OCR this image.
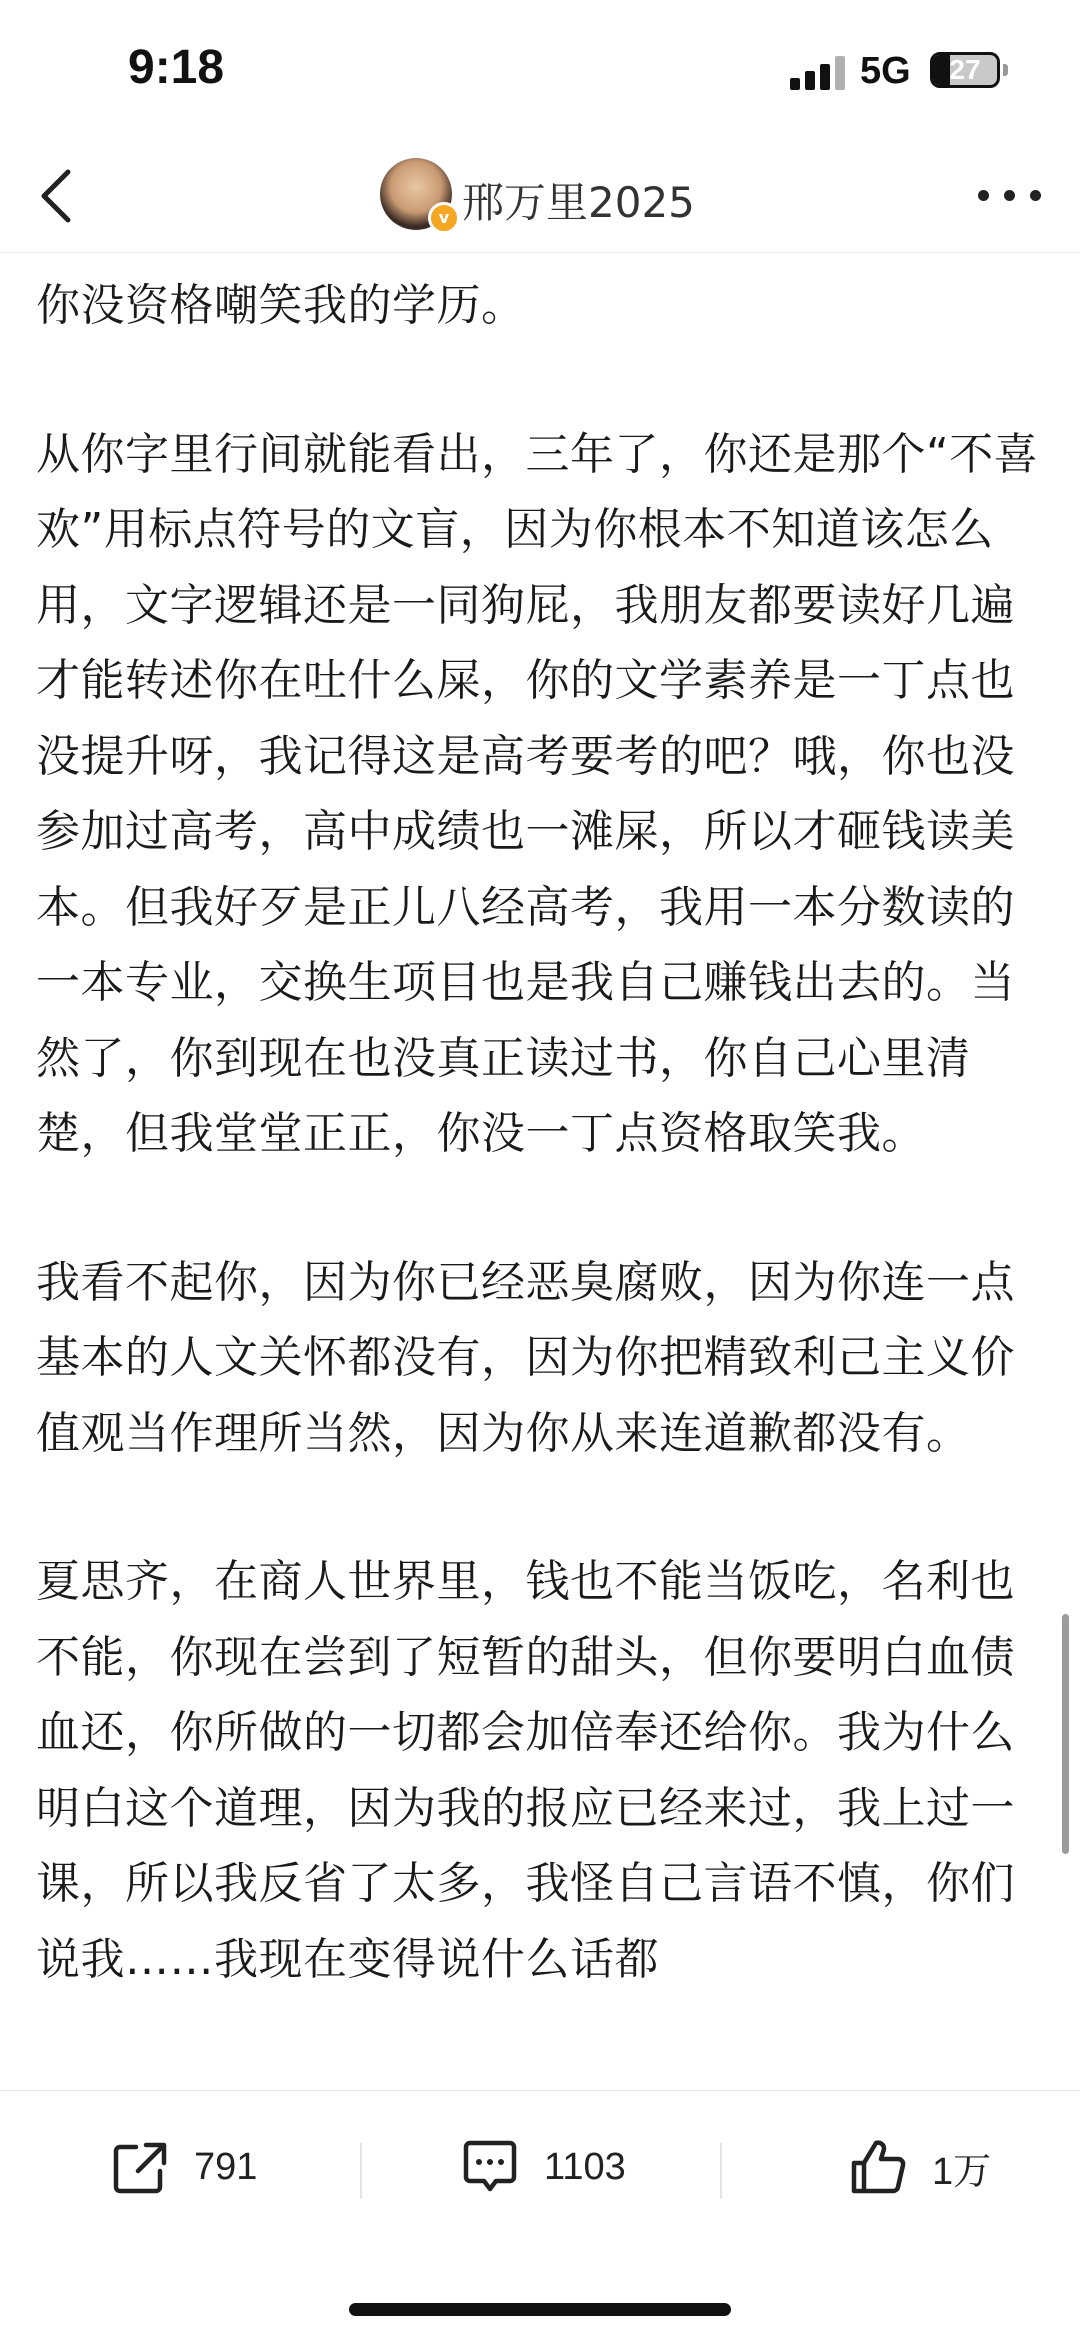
9:18	5G	27
v 邢万里2025

你没资格嘲笑我的学历。

从你字里行间就能看出，三年了，你还是那个“不喜欢”用标点符号的文盲，因为你根本不知道该怎么用，文字逻辑还是一同狗屁，我朋友都要读好几遍才能转述你在吐什么屎，你的文学素养是一丁点也没提升呀，我记得这是高考要考的吧？哦，你也没参加过高考，高中成绩也一滩屎，所以才砸钱读美本。但我好歹是正儿八经高考，我用一本分数读的一本专业，交换生项目也是我自己赚钱出去的。当然了，你到现在也没真正读过书，你自己心里清楚，但我堂堂正正，你没一丁点资格取笑我。

我看不起你，因为你已经恶臭腐败，因为你连一点基本的人文关怀都没有，因为你把精致利己主义价值观当作理所当然，因为你从来连道歉都没有。

夏思齐，在商人世界里，钱也不能当饭吃，名利也不能，你现在尝到了短暂的甜头，但你要明白血债血还，你所做的一切都会加倍奉还给你。我为什么明白这个道理，因为我的报应已经来过，我上过一课，所以我反省了太多，我怪自己言语不慎，你们说我……我现在变得说什么话都

791	1103	1万
